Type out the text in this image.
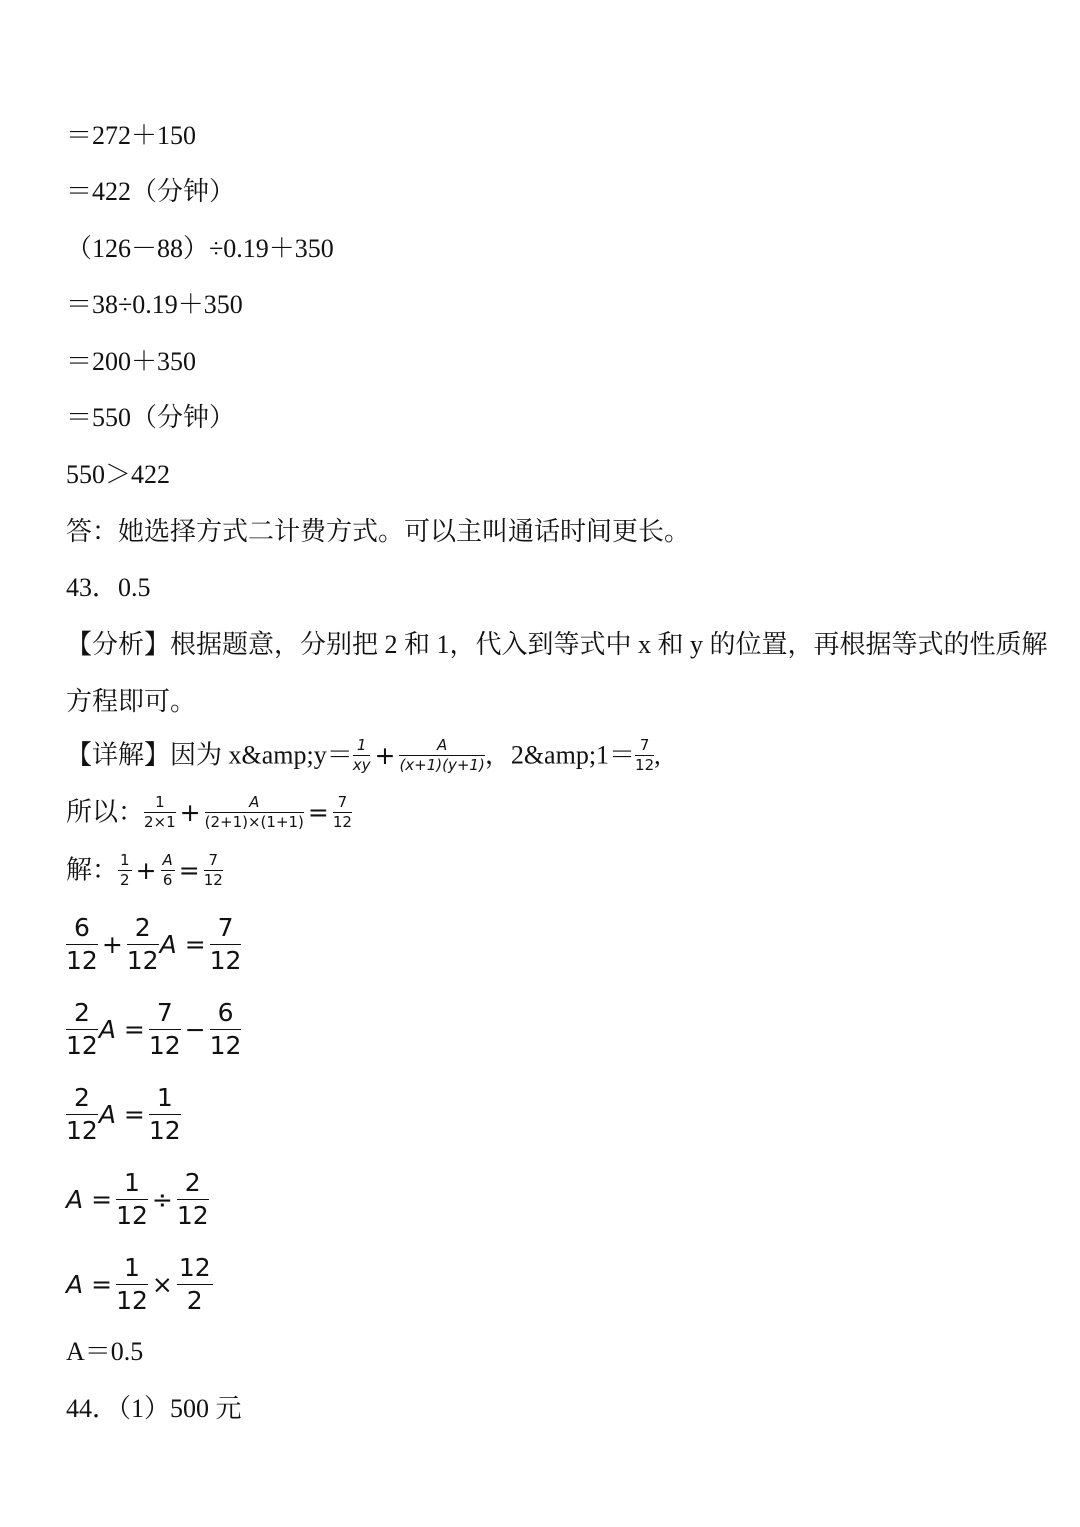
＝272＋150
＝422（分钟）
（126－88）÷0.19＋350
＝38÷0.19＋350
＝200＋350
＝550（分钟）
550＞422
答：她选择方式二计费方式。可以主叫通话时间更长。
43．0.5
【分析】根据题意，分别把 2 和 1，代入到等式中 x 和 y 的位置，再根据等式的性质解
方程即可。
【详解】因为 x&amp;y＝ $\frac{1}{xy} + \frac{A}{(x+1)(y+1)}$ ，2&amp;1＝ $\frac{7}{12}$ ,
所以： $\frac{1}{2\times 1} + \frac{A}{(2+1)\times(1+1)} = \frac{7}{12}$
解： $\frac{1}{2} + \frac{A}{6} = \frac{7}{12}$
$\frac{6}{12} + \frac{2}{12}$ $A = \frac{7}{12}$
$\frac{2}{12}$ $A = \frac{7}{12} - \frac{6}{12}$
$\frac{2}{12}$ $A = \frac{1}{12}$
$A = \frac{1}{12} \div \frac{2}{12}$
$A = \frac{1}{12} \times \frac{12}{2}$
A＝0.5
44．（1）500 元
